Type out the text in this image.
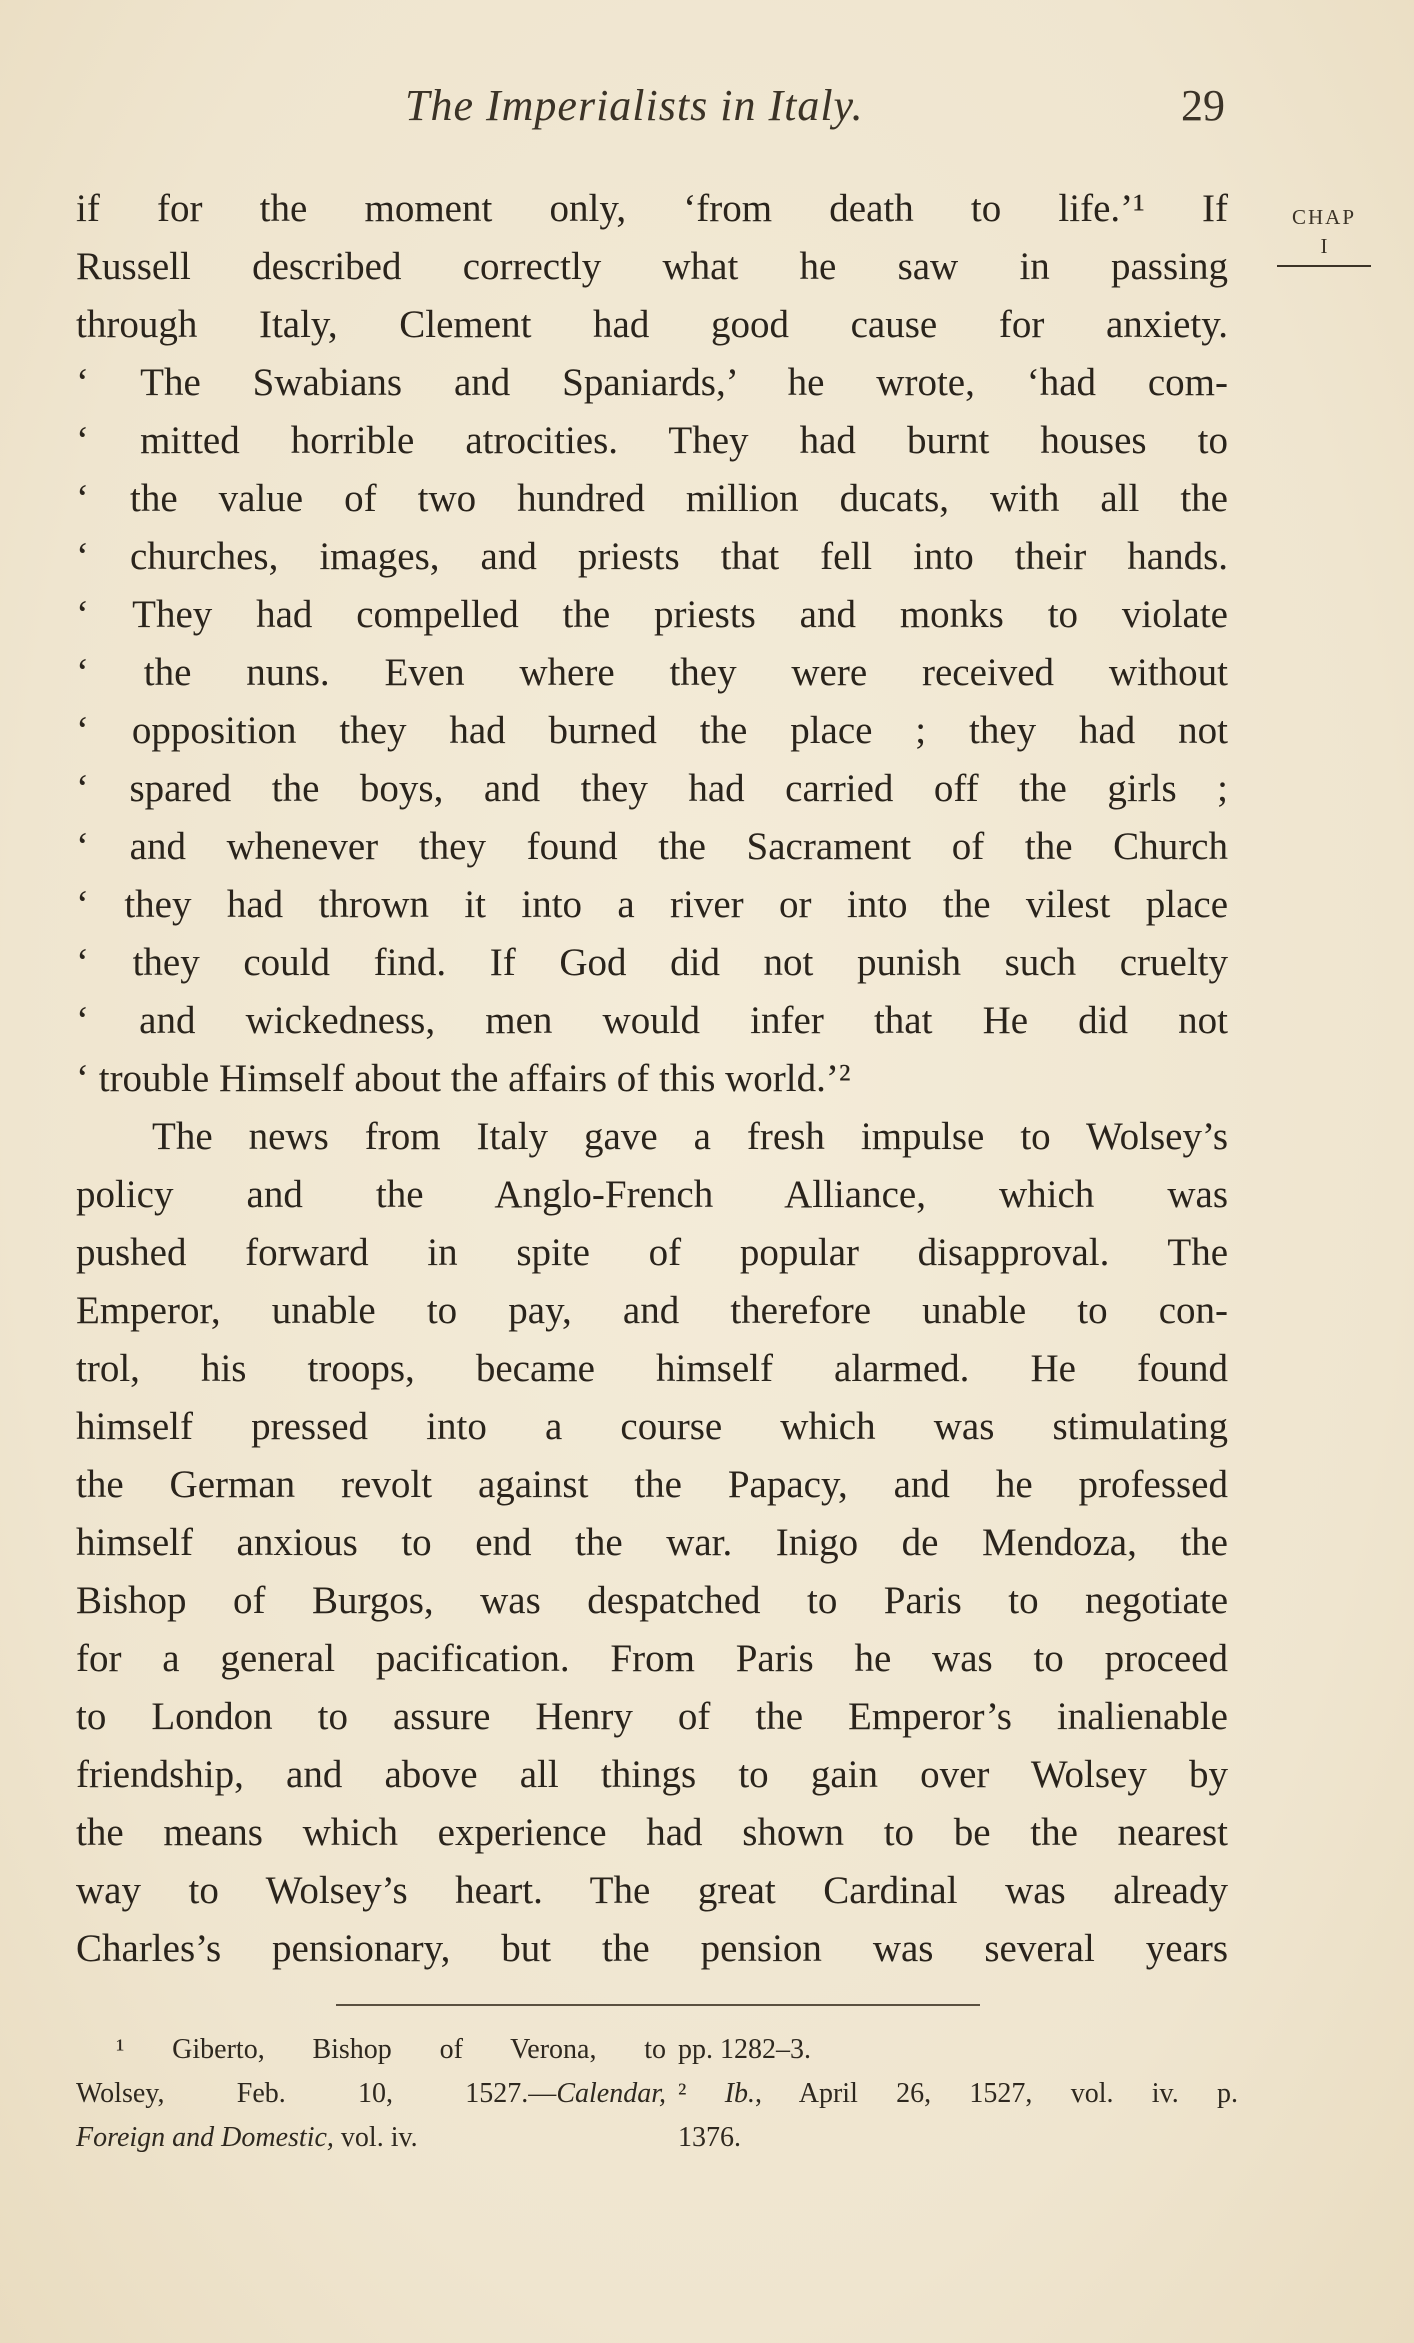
The Imperialists in Italy.	29
CHAP
I
if for the moment only, ‘from death to life.’¹ If
Russell described correctly what he saw in passing
through Italy, Clement had good cause for anxiety.
‘ The Swabians and Spaniards,’ he wrote, ‘had com-
‘ mitted horrible atrocities. They had burnt houses to
‘ the value of two hundred million ducats, with all the
‘ churches, images, and priests that fell into their hands.
‘ They had compelled the priests and monks to violate
‘ the nuns. Even where they were received without
‘ opposition they had burned the place ; they had not
‘ spared the boys, and they had carried off the girls ;
‘ and whenever they found the Sacrament of the Church
‘ they had thrown it into a river or into the vilest place
‘ they could find. If God did not punish such cruelty
‘ and wickedness, men would infer that He did not
‘ trouble Himself about the affairs of this world.’²
The news from Italy gave a fresh impulse to Wolsey’s
policy and the Anglo-French Alliance, which was
pushed forward in spite of popular disapproval. The
Emperor, unable to pay, and therefore unable to con-
trol, his troops, became himself alarmed. He found
himself pressed into a course which was stimulating
the German revolt against the Papacy, and he professed
himself anxious to end the war. Inigo de Mendoza, the
Bishop of Burgos, was despatched to Paris to negotiate
for a general pacification. From Paris he was to proceed
to London to assure Henry of the Emperor’s inalienable
friendship, and above all things to gain over Wolsey by
the means which experience had shown to be the nearest
way to Wolsey’s heart. The great Cardinal was already
Charles’s pensionary, but the pension was several years
¹ Giberto, Bishop of Verona, to
Wolsey, Feb. 10, 1527.—Calendar,
Foreign and Domestic, vol. iv.
pp. 1282–3.
² Ib., April 26, 1527, vol. iv. p.
1376.
